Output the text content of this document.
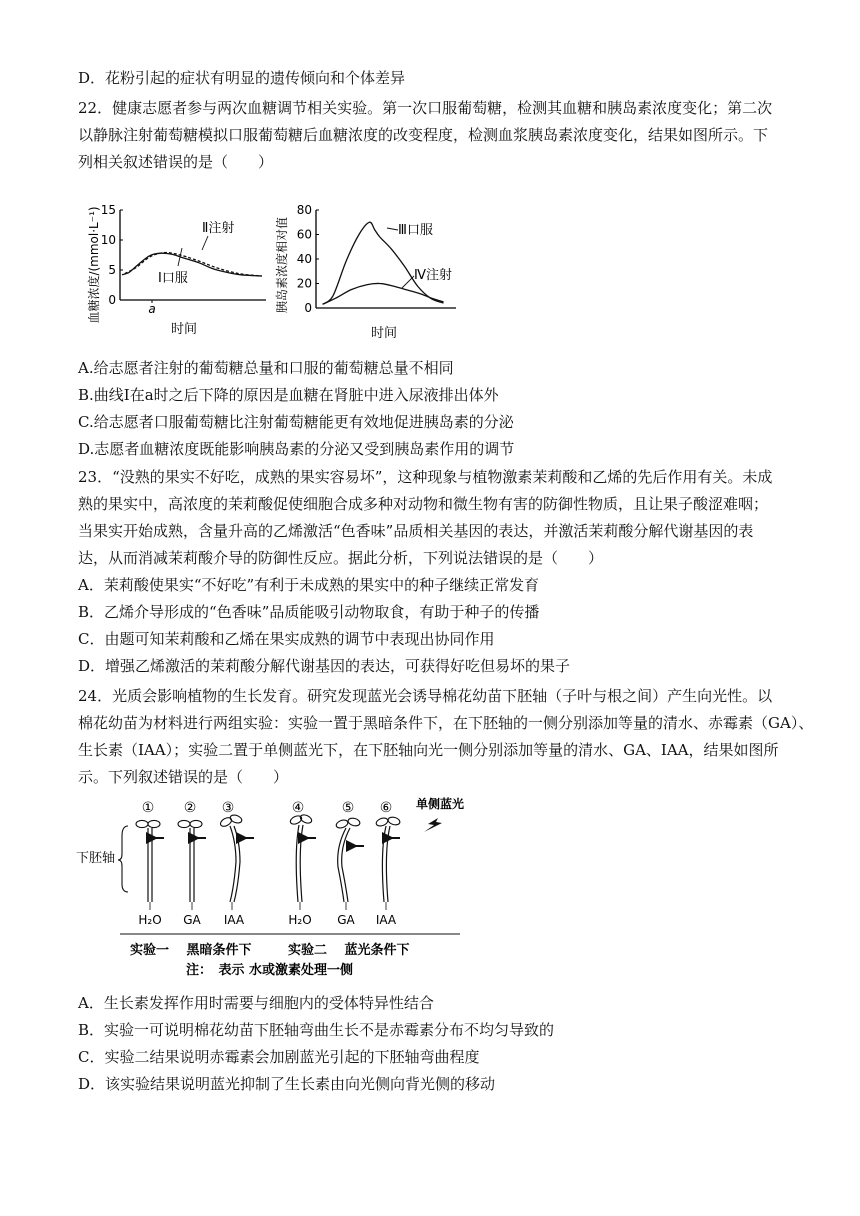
D．花粉引起的症状有明显的遗传倾向和个体差异
22．健康志愿者参与两次血糖调节相关实验。第一次口服葡萄糖，检测其血糖和胰岛素浓度变化；第二次
以静脉注射葡萄糖模拟口服葡萄糖后血糖浓度的改变程度，检测血浆胰岛素浓度变化，结果如图所示。下
列相关叙述错误的是（　　）
血糖浓度/(mmol·L⁻¹) 0
5
10
15
Ⅰ口服
Ⅱ注射
a
时间
胰岛素浓度相对值 0
20
40
60
80
Ⅲ口服
Ⅳ注射
时间
A.给志愿者注射的葡萄糖总量和口服的葡萄糖总量不相同
B.曲线Ⅰ在a时之后下降的原因是血糖在肾脏中进入尿液排出体外
C.给志愿者口服葡萄糖比注射葡萄糖能更有效地促进胰岛素的分泌
D.志愿者血糖浓度既能影响胰岛素的分泌又受到胰岛素作用的调节
23．“没熟的果实不好吃，成熟的果实容易坏”，这种现象与植物激素茉莉酸和乙烯的先后作用有关。未成
熟的果实中，高浓度的茉莉酸促使细胞合成多种对动物和微生物有害的防御性物质，且让果子酸涩难咽；
当果实开始成熟，含量升高的乙烯激活“色香味”品质相关基因的表达，并激活茉莉酸分解代谢基因的表
达，从而消减茉莉酸介导的防御性反应。据此分析，下列说法错误的是（　　）
A．茉莉酸使果实“不好吃”有利于未成熟的果实中的种子继续正常发育
B．乙烯介导形成的“色香味”品质能吸引动物取食，有助于种子的传播
C．由题可知茉莉酸和乙烯在果实成熟的调节中表现出协同作用
D．增强乙烯激活的茉莉酸分解代谢基因的表达，可获得好吃但易坏的果子
24．光质会影响植物的生长发育。研究发现蓝光会诱导棉花幼苗下胚轴（子叶与根之间）产生向光性。以
棉花幼苗为材料进行两组实验：实验一置于黑暗条件下，在下胚轴的一侧分别添加等量的清水、赤霉素（GA）、
生长素（IAA）；实验二置于单侧蓝光下，在下胚轴向光一侧分别添加等量的清水、GA、IAA，结果如图所
示。下列叙述错误的是（　　）
① ② ③	④	⑤ ⑥ 单侧蓝光
下胚轴
H₂O GA IAA	H₂O GA IAA
实验一　 黑暗条件下	实验二　 蓝光条件下
注：　表示 水或激素处理一侧
A．生长素发挥作用时需要与细胞内的受体特异性结合
B．实验一可说明棉花幼苗下胚轴弯曲生长不是赤霉素分布不均匀导致的
C．实验二结果说明赤霉素会加剧蓝光引起的下胚轴弯曲程度
D．该实验结果说明蓝光抑制了生长素由向光侧向背光侧的移动
